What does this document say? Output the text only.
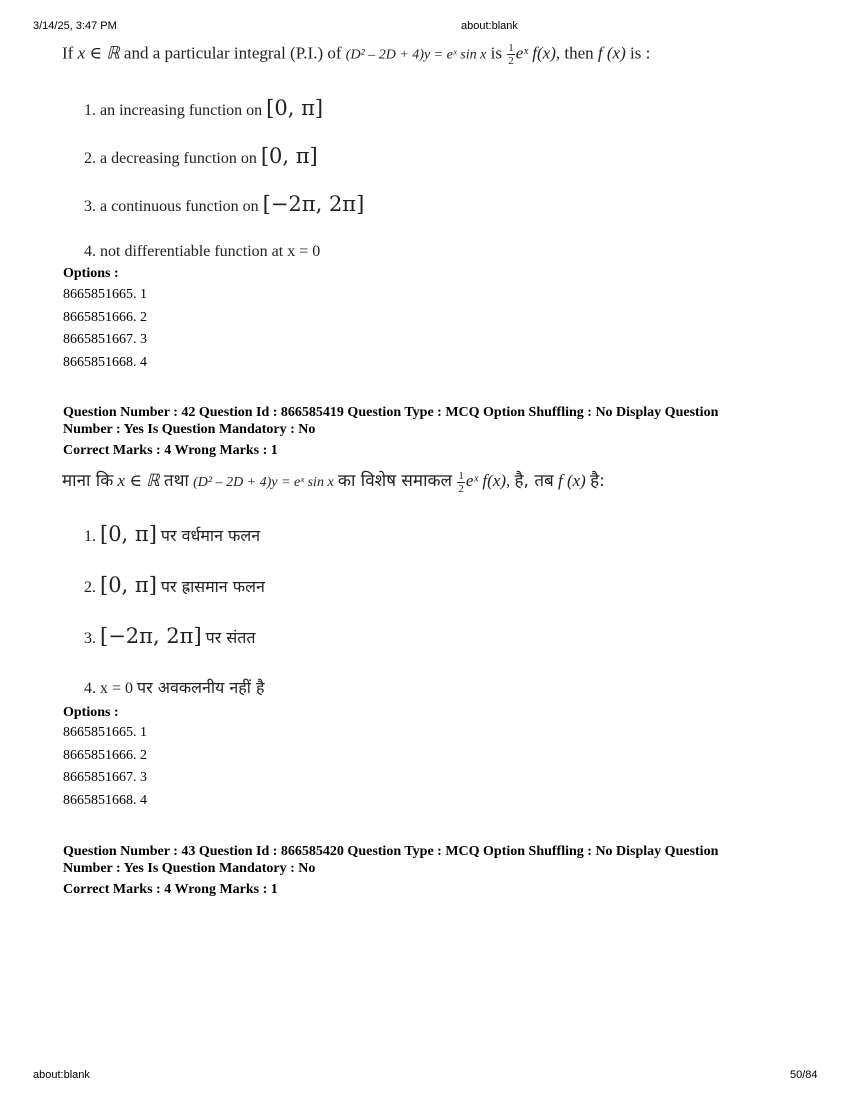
3/14/25, 3:47 PM	about:blank
If x ∈ ℝ and a particular integral (P.I.) of (D² – 2D + 4)y = eˣ sin x is $\frac{1}{2}$ eˣ f(x), then f (x) is :
1. an increasing function on [0, π]
2. a decreasing function on [0, π]
3. a continuous function on [−2π, 2π]
4. not differentiable function at x = 0
Options :
8665851665. 1
8665851666. 2
8665851667. 3
8665851668. 4
Question Number : 42 Question Id : 866585419 Question Type : MCQ Option Shuffling : No Display Question
Number : Yes Is Question Mandatory : No
Correct Marks : 4 Wrong Marks : 1
माना कि x ∈ ℝ तथा (D² – 2D + 4)y = eˣ sin x का विशेष समाकल $\frac{1}{2}$ eˣ f(x), है, तब f (x) है:
1. [0, π] पर वर्धमान फलन
2. [0, π] पर ह्रासमान फलन
3. [−2π, 2π] पर संतत
4. x = 0 पर अवकलनीय नहीं है
Options :
8665851665. 1
8665851666. 2
8665851667. 3
8665851668. 4
Question Number : 43 Question Id : 866585420 Question Type : MCQ Option Shuffling : No Display Question
Number : Yes Is Question Mandatory : No
Correct Marks : 4 Wrong Marks : 1
about:blank	50/84
